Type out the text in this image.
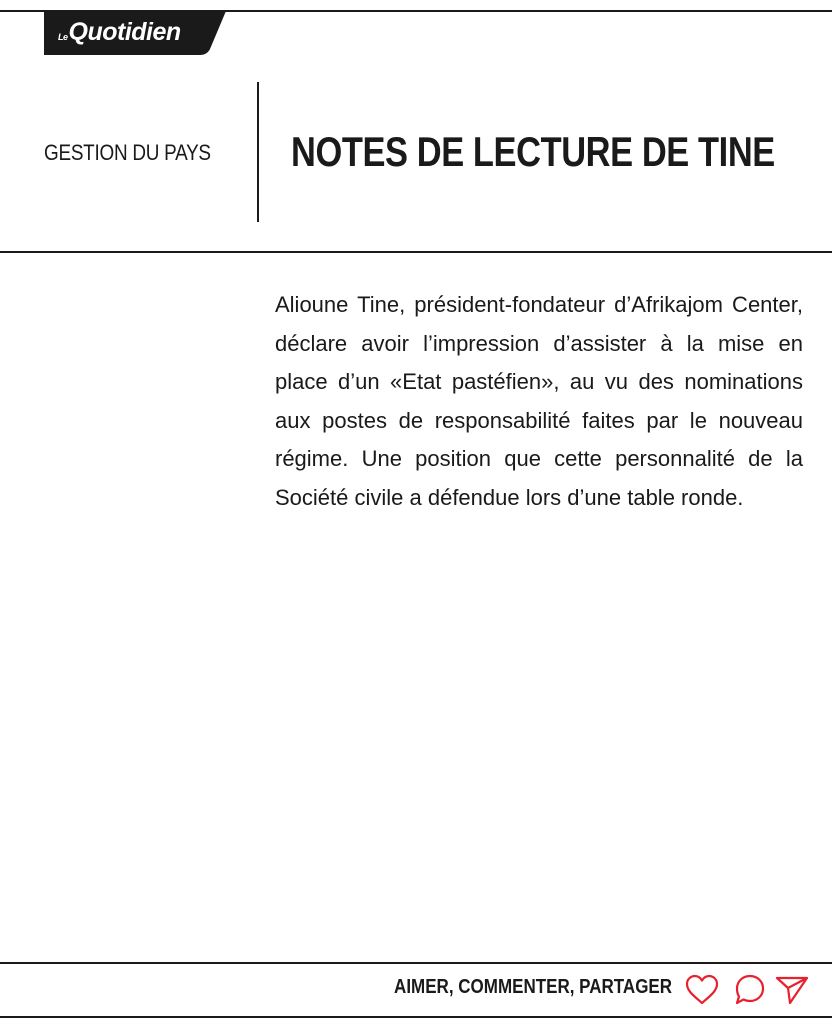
LeQuotidien
GESTION DU PAYS NOTES DE LECTURE DE TINE

Alioune Tine, président-fondateur d’Afrikajom Center, déclare avoir l’impression d’assister à la mise en place d’un «Etat pastéfien», au vu des nominations aux postes de responsabilité faites par le nouveau régime. Une position que cette personnalité de la Société civile a défendue lors d’une table ronde.

AIMER, COMMENTER, PARTAGER
